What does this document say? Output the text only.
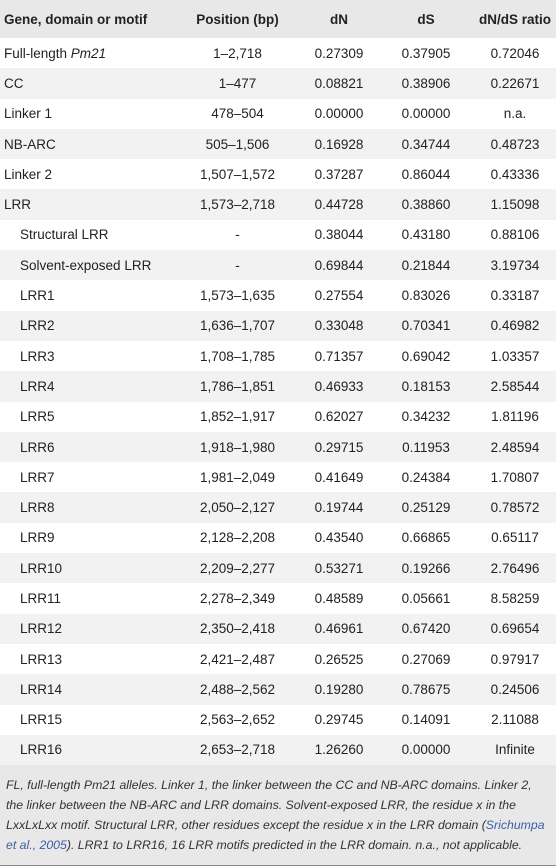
Gene, domain or motif	Position (bp)	dN	dS	dN/dS ratio
Full-length Pm21	1–2,718	0.27309	0.37905	0.72046
CC	1–477	0.08821	0.38906	0.22671
Linker 1	478–504	0.00000	0.00000	n.a.
NB-ARC	505–1,506	0.16928	0.34744	0.48723
Linker 2	1,507–1,572	0.37287	0.86044	0.43336
LRR	1,573–2,718	0.44728	0.38860	1.15098
Structural LRR	-	0.38044	0.43180	0.88106
Solvent-exposed LRR	-	0.69844	0.21844	3.19734
LRR1	1,573–1,635	0.27554	0.83026	0.33187
LRR2	1,636–1,707	0.33048	0.70341	0.46982
LRR3	1,708–1,785	0.71357	0.69042	1.03357
LRR4	1,786–1,851	0.46933	0.18153	2.58544
LRR5	1,852–1,917	0.62027	0.34232	1.81196
LRR6	1,918–1,980	0.29715	0.11953	2.48594
LRR7	1,981–2,049	0.41649	0.24384	1.70807
LRR8	2,050–2,127	0.19744	0.25129	0.78572
LRR9	2,128–2,208	0.43540	0.66865	0.65117
LRR10	2,209–2,277	0.53271	0.19266	2.76496
LRR11	2,278–2,349	0.48589	0.05661	8.58259
LRR12	2,350–2,418	0.46961	0.67420	0.69654
LRR13	2,421–2,487	0.26525	0.27069	0.97917
LRR14	2,488–2,562	0.19280	0.78675	0.24506
LRR15	2,563–2,652	0.29745	0.14091	2.11088
LRR16	2,653–2,718	1.26260	0.00000	Infinite
FL, full-length Pm21 alleles. Linker 1, the linker between the CC and NB-ARC domains. Linker 2, the linker between the NB-ARC and LRR domains. Solvent-exposed LRR, the residue x in the LxxLxLxx motif. Structural LRR, other residues except the residue x in the LRR domain (Srichumpa et al., 2005). LRR1 to LRR16, 16 LRR motifs predicted in the LRR domain. n.a., not applicable.
